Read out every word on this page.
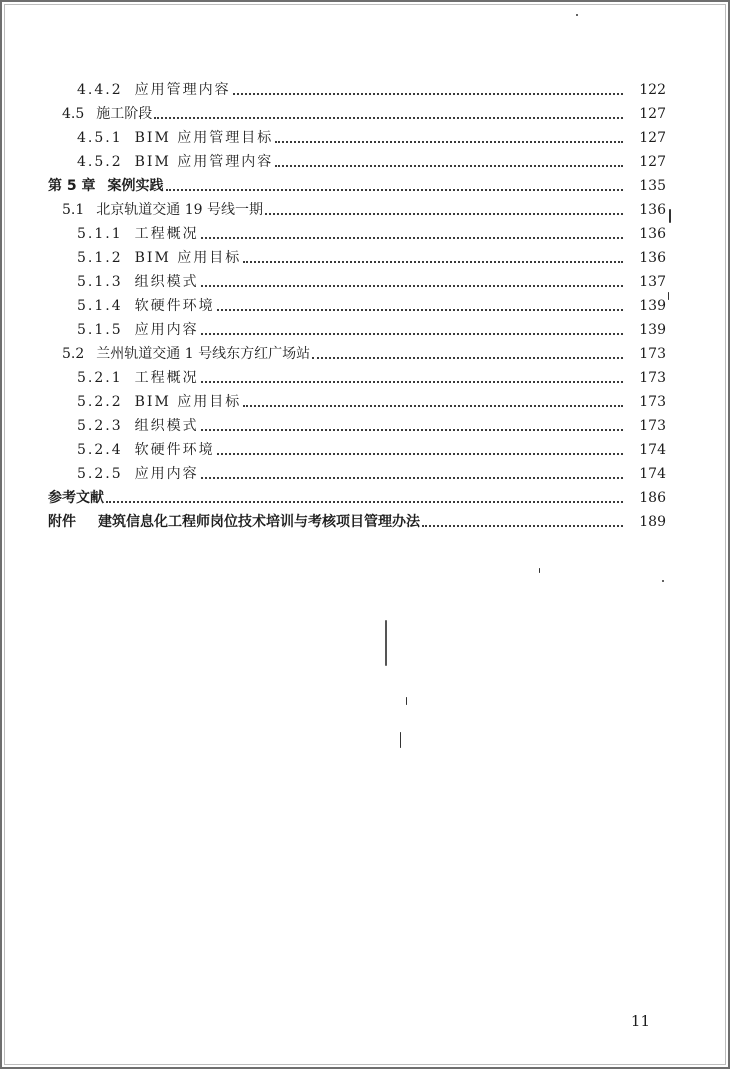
4.4.2 应用管理内容	122
4.5 施工阶段	127
4.5.1 BIM 应用管理目标	127
4.5.2 BIM 应用管理内容	127
第 5 章 案例实践	135
5.1 北京轨道交通 19 号线一期	136
5.1.1 工程概况	136
5.1.2 BIM 应用目标	136
5.1.3 组织模式	137
5.1.4 软硬件环境	139
5.1.5 应用内容	139
5.2 兰州轨道交通 1 号线东方红广场站	173
5.2.1 工程概况	173
5.2.2 BIM 应用目标	173
5.2.3 组织模式	173
5.2.4 软硬件环境	174
5.2.5 应用内容	174
参考文献	186
附件 建筑信息化工程师岗位技术培训与考核项目管理办法	189
11
